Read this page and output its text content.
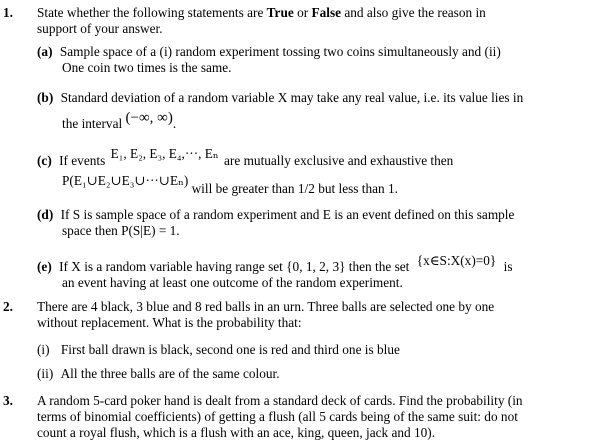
1. State whether the following statements are True or False and also give the reason in
support of your answer.
(a) Sample space of a (i) random experiment tossing two coins simultaneously and (ii)
One coin two times is the same.
(b) Standard deviation of a random variable X may take any real value, i.e. its value lies in
the interval (−∞, ∞).
(c) If events E₁, E₂, E₃, E₄,···, Eₙ are mutually exclusive and exhaustive then
P(E₁∪E₂∪E₃∪···∪Eₙ) will be greater than 1/2 but less than 1.
(d) If S is sample space of a random experiment and E is an event defined on this sample
space then P(S|E) = 1.
(e) If X is a random variable having range set {0, 1, 2, 3} then the set {x∈S:X(x)=0} is
an event having at least one outcome of the random experiment.
2. There are 4 black, 3 blue and 8 red balls in an urn. Three balls are selected one by one
without replacement. What is the probability that:
(i) First ball drawn is black, second one is red and third one is blue
(ii) All the three balls are of the same colour.
3. A random 5-card poker hand is dealt from a standard deck of cards. Find the probability (in
terms of binomial coefficients) of getting a flush (all 5 cards being of the same suit: do not
count a royal flush, which is a flush with an ace, king, queen, jack and 10).
